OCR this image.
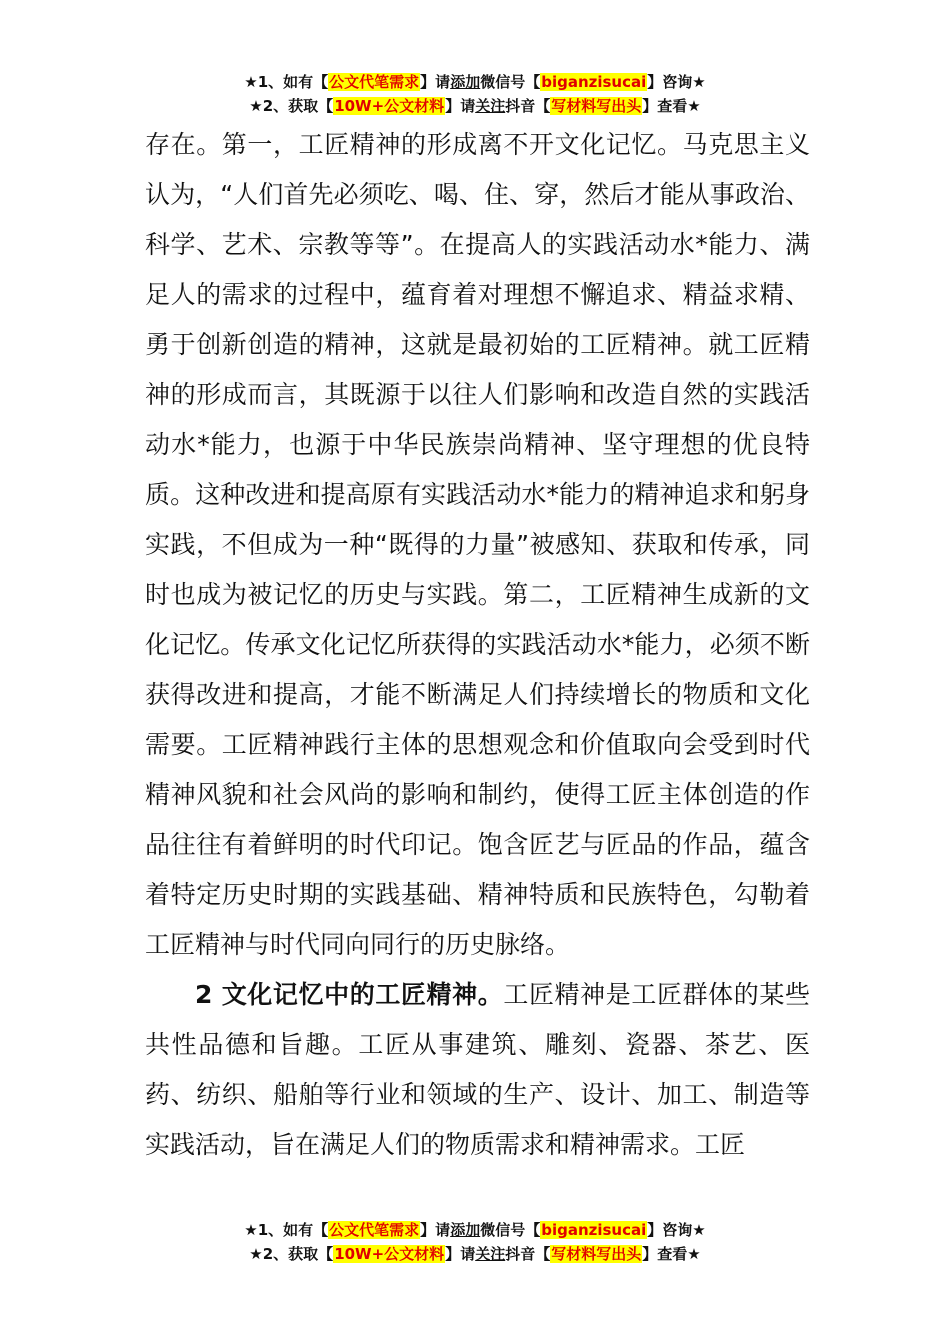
★1、如有【公文代笔需求】请添加微信号【biganzisucai】咨询★
★2、获取【10W+公文材料】请关注抖音【写材料写出头】查看★

存在。第一，工匠精神的形成离不开文化记忆。马克思主义认为，“人们首先必须吃、喝、住、穿，然后才能从事政治、科学、艺术、宗教等等”。在提高人的实践活动水*能力、满足人的需求的过程中，蕴育着对理想不懈追求、精益求精、勇于创新创造的精神，这就是最初始的工匠精神。就工匠精神的形成而言，其既源于以往人们影响和改造自然的实践活动水*能力，也源于中华民族崇尚精神、坚守理想的优良特质。这种改进和提高原有实践活动水*能力的精神追求和躬身实践，不但成为一种“既得的力量”被感知、获取和传承，同时也成为被记忆的历史与实践。第二，工匠精神生成新的文化记忆。传承文化记忆所获得的实践活动水*能力，必须不断获得改进和提高，才能不断满足人们持续增长的物质和文化需要。工匠精神践行主体的思想观念和价值取向会受到时代精神风貌和社会风尚的影响和制约，使得工匠主体创造的作品往往有着鲜明的时代印记。饱含匠艺与匠品的作品，蕴含着特定历史时期的实践基础、精神特质和民族特色，勾勒着工匠精神与时代同向同行的历史脉络。

2 文化记忆中的工匠精神。工匠精神是工匠群体的某些共性品德和旨趣。工匠从事建筑、雕刻、瓷器、茶艺、医药、纺织、船舶等行业和领域的生产、设计、加工、制造等实践活动，旨在满足人们的物质需求和精神需求。工匠

★1、如有【公文代笔需求】请添加微信号【biganzisucai】咨询★
★2、获取【10W+公文材料】请关注抖音【写材料写出头】查看★
